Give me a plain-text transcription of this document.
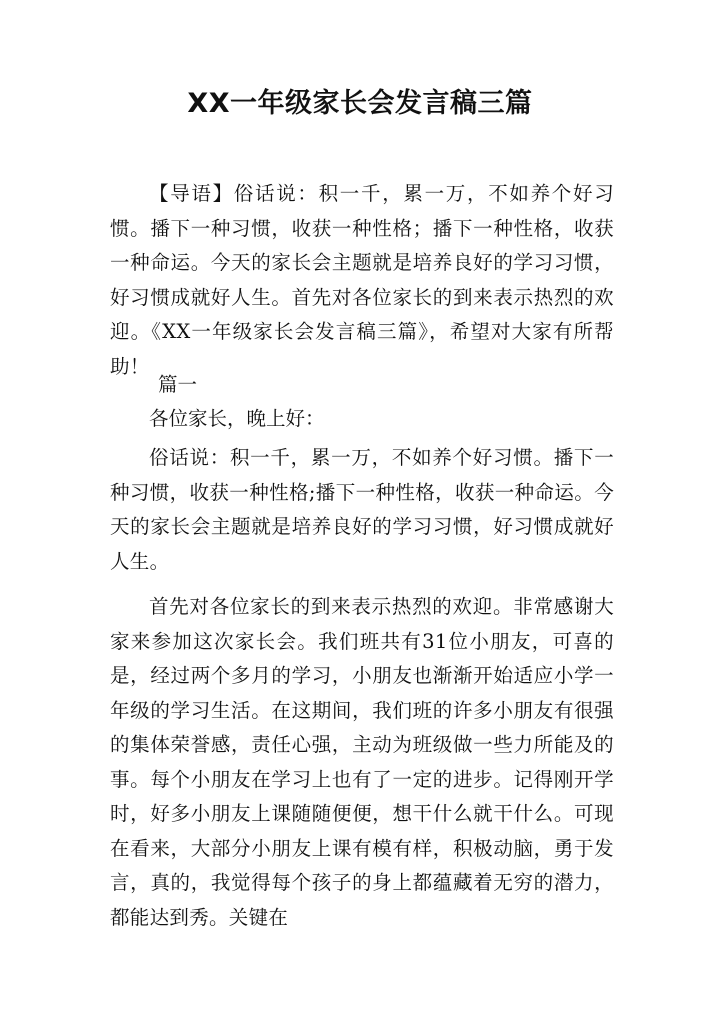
XX一年级家长会发言稿三篇

【导语】俗话说：积一千，累一万，不如养个好习惯。播下一种习惯，收获一种性格；播下一种性格，收获一种命运。今天的家长会主题就是培养良好的学习习惯，好习惯成就好人生。首先对各位家长的到来表示热烈的欢迎。《XX一年级家长会发言稿三篇》，希望对大家有所帮助！

篇一
各位家长，晚上好：

俗话说：积一千，累一万，不如养个好习惯。播下一种习惯，收获一种性格;播下一种性格，收获一种命运。今天的家长会主题就是培养良好的学习习惯，好习惯成就好人生。

首先对各位家长的到来表示热烈的欢迎。非常感谢大家来参加这次家长会。我们班共有31位小朋友，可喜的是，经过两个多月的学习，小朋友也渐渐开始适应小学一年级的学习生活。在这期间，我们班的许多小朋友有很强的集体荣誉感，责任心强，主动为班级做一些力所能及的事。每个小朋友在学习上也有了一定的进步。记得刚开学时，好多小朋友上课随随便便，想干什么就干什么。可现在看来，大部分小朋友上课有模有样，积极动脑，勇于发言，真的，我觉得每个孩子的身上都蕴藏着无穷的潜力，都能达到秀。关键在
